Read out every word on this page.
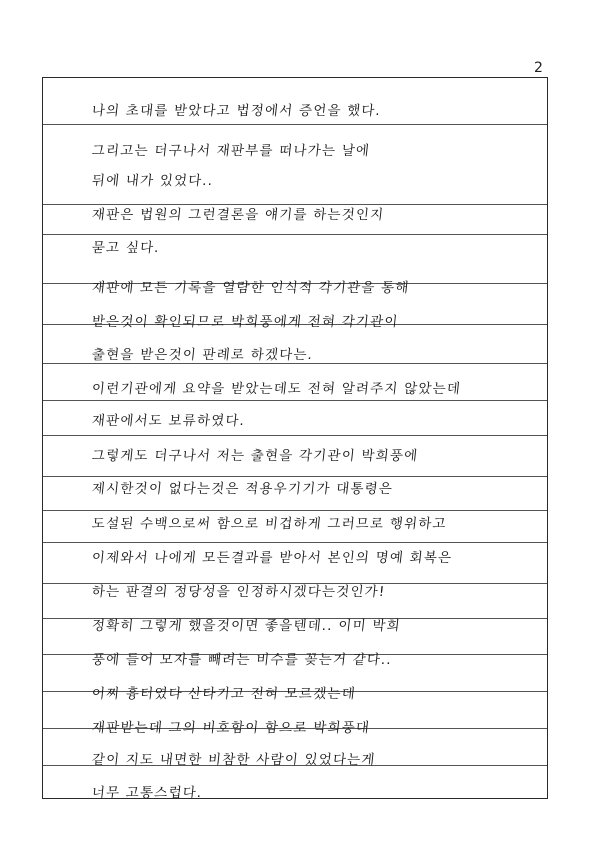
2
나의 초대를 받았다고 법정에서 증언을 했다.
그리고는 더구나서 재판부를 떠나가는 날에
뒤에 내가 있었다..
재판은 법원의 그런결론을 얘기를 하는것인지
묻고 싶다.
재판에 모든 기록을 열람한 인식적 각기관을 통해
받은것이 확인되므로 박희풍에게 전혀 각기관이
출현을 받은것이 판례로 하겠다는.
이런기관에게 요약을 받았는데도 전혀 알려주지 않았는데
재판에서도 보류하였다.
그렇게도 더구나서 저는 출현을 각기관이 박희풍에
제시한것이 없다는것은 적용우기기가 대통령은
도설된 수백으로써 함으로 비겁하게 그러므로 행위하고
이제와서 나에게 모든결과를 받아서 본인의 명예 회복은
하는 판결의 정당성을 인정하시겠다는것인가!
정확히 그렇게 했을것이면 좋을텐데.. 이미 박희
풍에 들어 모자를 빼려는 비수를 꽂는거 같다..
어찌 흉터였다 산타기고 전혀 모르겠는데
재판받는데 그의 비호함이 함으로 박희풍대
같이 지도 내면한 비참한 사람이 있었다는게
너무 고통스럽다.
